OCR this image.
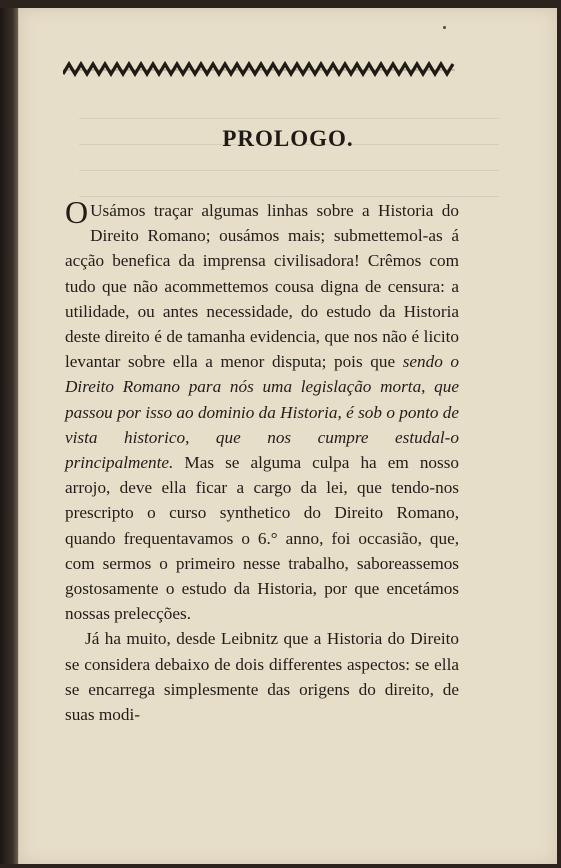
PROLOGO.

O Usámos traçar algumas linhas sobre a Historia do Direito Romano; ousámos mais; submettemol-as á acção benefica da imprensa civilisadora! Crêmos com tudo que não acommettemos cousa digna de censura: a utilidade, ou antes necessidade, do estudo da Historia deste direito é de tamanha evidencia, que nos não é licito levantar sobre ella a menor disputa; pois que sendo o Direito Romano para nós uma legislação morta, que passou por isso ao dominio da Historia, é sob o ponto de vista historico, que nos cumpre estudal-o principalmente. Mas se alguma culpa ha em nosso arrojo, deve ella ficar a cargo da lei, que tendo-nos prescripto o curso synthetico do Direito Romano, quando frequentavamos o 6.° anno, foi occasião, que, com sermos o primeiro nesse trabalho, saboreassemos gostosamente o estudo da Historia, por que encetámos nossas prelecções.

Já ha muito, desde Leibnitz que a Historia do Direito se considera debaixo de dois differentes aspectos: se ella se encarrega simplesmente das origens do direito, de suas modi-
